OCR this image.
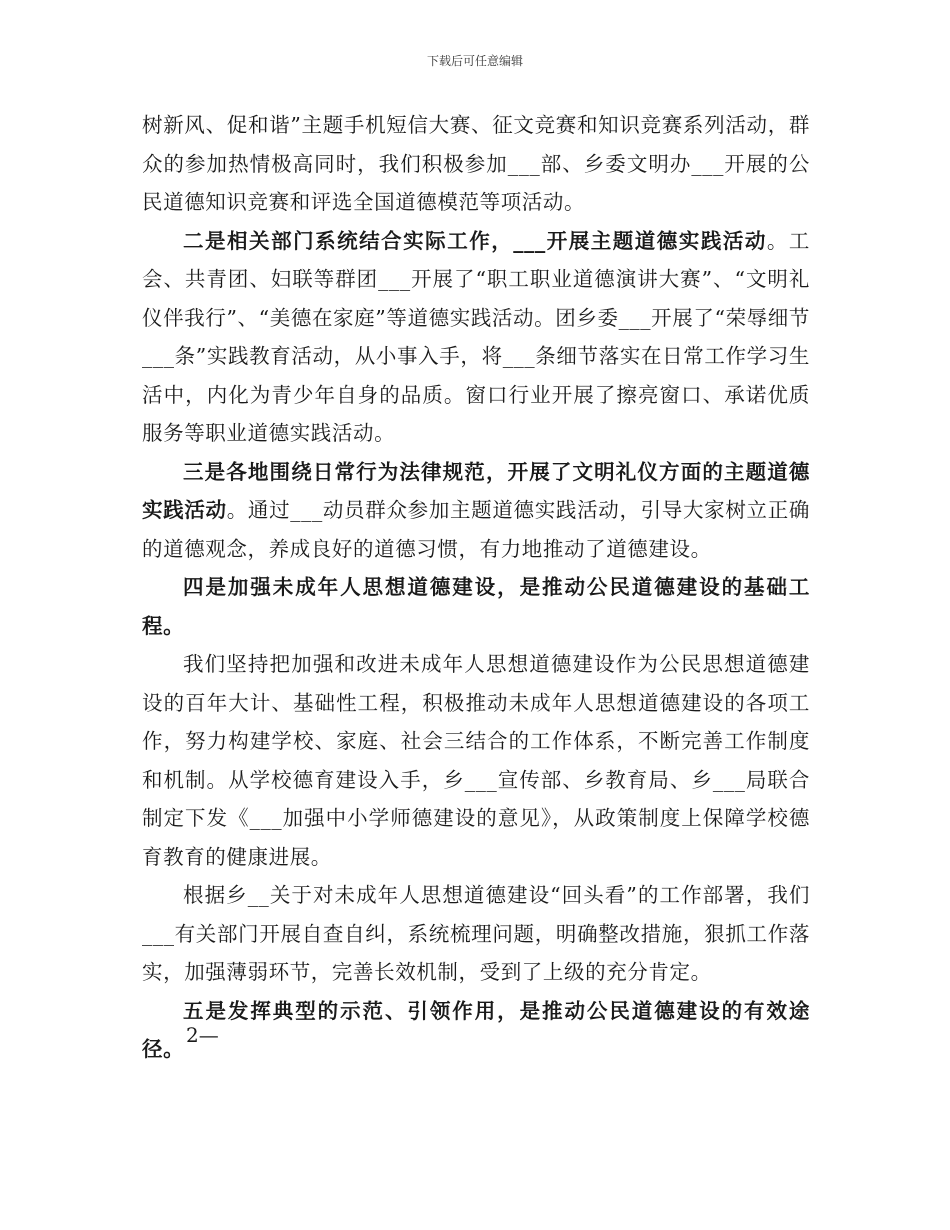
下载后可任意编辑

树新风、促和谐”主题手机短信大赛、征文竞赛和知识竞赛系列活动，群众的参加热情极高同时，我们积极参加___部、乡委文明办___开展的公民道德知识竞赛和评选全国道德模范等项活动。

二是相关部门系统结合实际工作，___开展主题道德实践活动。工会、共青团、妇联等群团___开展了“职工职业道德演讲大赛”、“文明礼仪伴我行”、“美德在家庭”等道德实践活动。团乡委___开展了“荣辱细节___条”实践教育活动，从小事入手，将___条细节落实在日常工作学习生活中，内化为青少年自身的品质。窗口行业开展了擦亮窗口、承诺优质服务等职业道德实践活动。

三是各地围绕日常行为法律规范，开展了文明礼仪方面的主题道德实践活动。通过___动员群众参加主题道德实践活动，引导大家树立正确的道德观念，养成良好的道德习惯，有力地推动了道德建设。

四是加强未成年人思想道德建设，是推动公民道德建设的基础工程。

我们坚持把加强和改进未成年人思想道德建设作为公民思想道德建设的百年大计、基础性工程，积极推动未成年人思想道德建设的各项工作，努力构建学校、家庭、社会三结合的工作体系，不断完善工作制度和机制。从学校德育建设入手，乡___宣传部、乡教育局、乡___局联合制定下发《___加强中小学师德建设的意见》，从政策制度上保障学校德育教育的健康进展。

根据乡__关于对未成年人思想道德建设“回头看”的工作部署，我们___有关部门开展自查自纠，系统梳理问题，明确整改措施，狠抓工作落实，加强薄弱环节，完善长效机制，受到了上级的充分肯定。

五是发挥典型的示范、引领作用，是推动公民道德建设的有效途径。

2—
